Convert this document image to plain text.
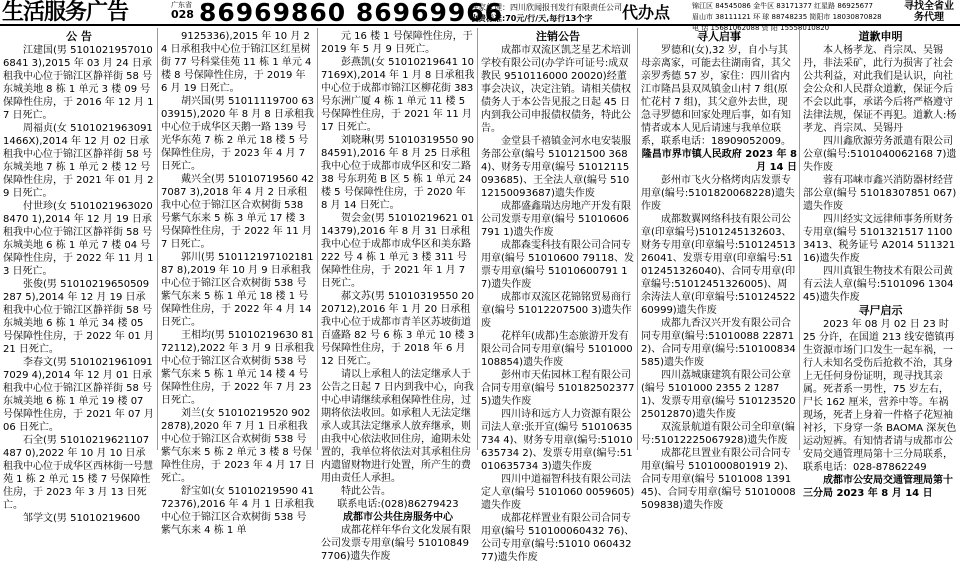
生活服务广告	广东省
028 86969860 86969966
独家代理：四川欣闻报刊发行有限责任公司
收费标准:70元/行/天,每行13个字	代办点	锦江区 84545086 金牛区 83171377 红星路 86925677
眉山市 38111121 环 球 88748235 简阳市 18030870828
电 话 15681062088 资 阳 15558010820
寻找全省业务代理
公 告
江建国(男 51010219570106841 3),2015 年 03 月 24 日承租我中心位于锦江区静祥街 58 号东城美地 8 栋 1 单元 3 楼 09 号保障性住房，于 2016 年 12 月 17 日死亡。
周福贞(女 51010219630911466X),2014 年 12 月 02 日承租我中心位于锦江区静祥街 58 号东城美地 7 栋 1 单元 2 楼 12 号保障性住房，于 2021 年 01 月 29 日死亡。
付世珍(女 51010219630208470 1),2014 年 12 月 19 日承租我中心位于锦江区静祥街 58 号东城美地 6 栋 1 单元 7 楼 04 号保障性住房，于 2022 年 11 月 13 日死亡。
张俊(男 51010219650509287 5),2014 年 12 月 19 日承租我中心位于锦江区静祥街 58 号东城美地 6 栋 1 单元 34 楼 05 号保障性住房，于 2022 年 01 月 21 日死亡。
李春文(男 51010219610917029 4),2014 年 12 月 01 日承租我中心位于锦江区静祥街 58 号东城美地 6 栋 1 单元 19 楼 07 号保障性住房，于 2021 年 07 月 06 日死亡。
石全(男 51010219621107487 0),2022 年 10 月 10 日承租我中心位于成华区西林街一号慧苑 1 栋 2 单元 15 楼 7 号保障性住房，于 2023 年 3 月 13 日死亡。
邹学文(男 51010219600
9125336),2015 年 10 月 24 日承租我中心位于锦江区红星树街 77 号科棠佳苑 11 栋 1 单元 4 楼 8 号保障性住房，于 2019 年 6 月 19 日死亡。
胡兴国(男 51011119700 6303915),2020 年 8 月 8 日承租我中心位于成华区天鹅一路 139 号光华东苑 7 栋 2 单元 18 楼 5 号保障性住房，于 2023 年 4 月 7 日死亡。
戴兴全(男 51010719560 427087 3),2018 年 4 月 2 日承租我中心位于锦江区合欢树街 538 号紫气东来 5 栋 3 单元 17 楼 3 号保障性住房，于 2022 年 11 月 7 日死亡。
郭川(男 51011219710218187 8),2019 年 10 月 9 日承租我中心位于锦江区合欢树街 538 号紫气东来 5 栋 1 单元 18 楼 1 号保障性住房，于 2022 年 4 月 14 日死亡。
王相均(男 51010219630 8172112),2022 年 3 月 9 日承租我中心位于锦江区合欢树街 538 号紫气东来 5 栋 1 单元 14 楼 4 号保障性住房，于 2022 年 7 月 23 日死亡。
刘兰(女 51010219520 9022878),2020 年 7 月 1 日承租我中心位于锦江区合欢树街 538 号紫气东来 5 栋 2 单元 3 楼 8 号保障性住房，于 2023 年 4 月 17 日死亡。
舒宝如(女 51010219590 4172376),2016 年 4 月 1 日承租我中心位于锦江区合欢树街 538 号紫气东来 4 栋 1 单
元 16 楼 1 号保障性住房，于 2019 年 5 月 9 日死亡。
彭燕凯(女 51010219641 107169X),2014 年 1 月 8 日承租我中心位于成都市锦江区柳花街 383 号东洲广厦 4 栋 1 单元 11 楼 5 号保障性住房，于 2021 年 11 月 17 日死亡。
刘晓琳(男 51010319550 9084591),2016 年 8 月 25 日承租我中心位于成都市成华区和安二路 38 号东玥苑 B 区 5 栋 1 单元 24 楼 5 号保障性住房，于 2020 年 8 月 14 日死亡。
贺会金(男 51010219621 0114379),2016 年 8 月 31 日承租我中心位于成都市成华区和美东路 222 号 4 栋 1 单元 3 楼 311 号保障性住房，于 2021 年 1 月 7 日死亡。
郝文苏(男 51010319550 2020712),2016 年 1 月 20 日承租我中心位于成都市青羊区苏坡街道百盛路 82 号 6 栋 3 单元 10 楼 3 号保障性住房，于 2018 年 6 月 12 日死亡。
请以上承租人的法定继承人于公告之日起 7 日内到我中心，向我中心申请继续承租保障性住房，过期将依法收回。如承租人无法定继承人或其法定继承人放弃继承，则由我中心依法收回住房，逾期未处置的，我单位将依法对其承租住房内遗留财物进行处置，所产生的费用由责任人承担。
特此公告。
联系电话:(028)86279423
成都市公共住房服务中心
成都花样年华台文化发展有限公司发票专用章(编号 510108497706)遗失作废
注销公告
成都市双流区凯芝星艺术培训学校有限公司(办学许可证号:成双教民 9510116000 20020)经董事会决议，决定注销。请相关债权债务人于本公告见报之日起 45 日内到我公司申报债权债务，特此公告。
金堂县千禧镇金河水电安装服务部公章(编号 510121500 3684)、财务专用章(编号 51012115093685)、王全法人章(编号 51012150093687)遗失作废
成都盛鑫瑞达房地产开发有限公司发票专用章(编号 51010606791 1)遗失作废
成都森雯科技有限公司合同专用章(编号 51010600 79118、发票专用章(编号 51010600791 17)遗失作废
成都市双流区花锦铭贸易商行章(编号 51012207500 3)遗失作废
花样年(成都)生态旅游开发有限公司合同专用章(编号 5101000108854)遗失作废
彭州市天佑园林工程有限公司合同专用章(编号 5101825023775)遗失作废
四川诗和远方人力资源有限公司法人章:张开宣(编号 51010635734 4)、财务专用章(编号:51010635734 2)、发票专用章(编号:51010635734 3)遗失作废
四川中道福智科技有限公司法定人章(编号 5101060 0059605)遗失作废
成都花样置业有限公司合同专用章(编号 510100060432 76)、公司专用章(编号:51010 06043277)遗失作废
寻人启事
罗德和(女),32 岁，自小与其母亲离家，可能去往湖南省，其父亲罗秀德 57 岁，家住：四川省内江市隆昌县双凤镇金山村 7 组(原忙花村 7 组)，其父意外去世，现急寻罗德和回家处理后事，如有知情者或本人见后请速与我单位联系，联系电话：18909052009。
隆昌市界市镇人民政府 2023 年 8 月 14 日
彭州市飞火分格烤肉店发票专用章(编号:5101820068228)遗失作废
成都数翼网络科技有限公司公章(印章编号)5101245132603、财务专用章(印章编号:51012451326041、发票专用章(印章编号:51012451326040)、合同专用章(印章编号:51012451326005)、周余涛法人章(印章编号:51012452260999)遗失作废
成都九香汉兴开发有限公司合同专用章(编号:51010088 228712)、合同专用章(编号:510100834585)遗失作废
四川荔城康建筑有限公司公章(编号 5101000 2355 2 12871)、发票专用章(编号 51012352025012870)遗失作废
双流景航道有限公司全印章(编号:51012225067928)遗失作废
成都花旦置业有限公司合同专用章(编号 5101000801919 2)、合同专用章(编号 5101008 139145)、合同专用章(编号 51010008509838)遗失作废
道歉申明
本人杨孝龙、肖宗凤、吴锡丹，非法采矿，此行为损害了社会公共利益，对此我们是认识，向社会公众和人民群众道歉，保证今后不会以此事，承诺今后将严格遵守法律法规，保证不再犯。道歉人:杨孝龙、肖宗凤、吴锡丹
四川鑫欣源劳务派遣有限公司公章(编号:5101040062168 7)遗失作废
蓉有邛崃市鑫兴消防器材经营部公章(编号 51018307851 067)遗失作废
四川经实文远律师事务所财务专用章(编号 5101321517 11003413、税务证号 A2014 51132116)遗失作废
四川真银生物技术有限公司黄有云法人章(编号:5101096 130445)遗失作废
寻尸启示
2023 年 08 月 02 日 23 时 25 分许，在国道 213 线安德镇再生资源市场门口发生一起车祸，一行人未知名受伤后抢救不治，其身上无任何身份证明，现寻找其亲属。死者系一男性，75 岁左右，尸长 162 厘米，营养中等。车祸现场，死者上身着一件格子花短袖衬衫，下身穿一条 BAOMA 深灰色运动短裤。有知情者请与成都市公安局交通管理局第十三分局联系，联系电话：028-87862249
成都市公安局交通管理局第十三分局 2023 年 8 月 14 日
